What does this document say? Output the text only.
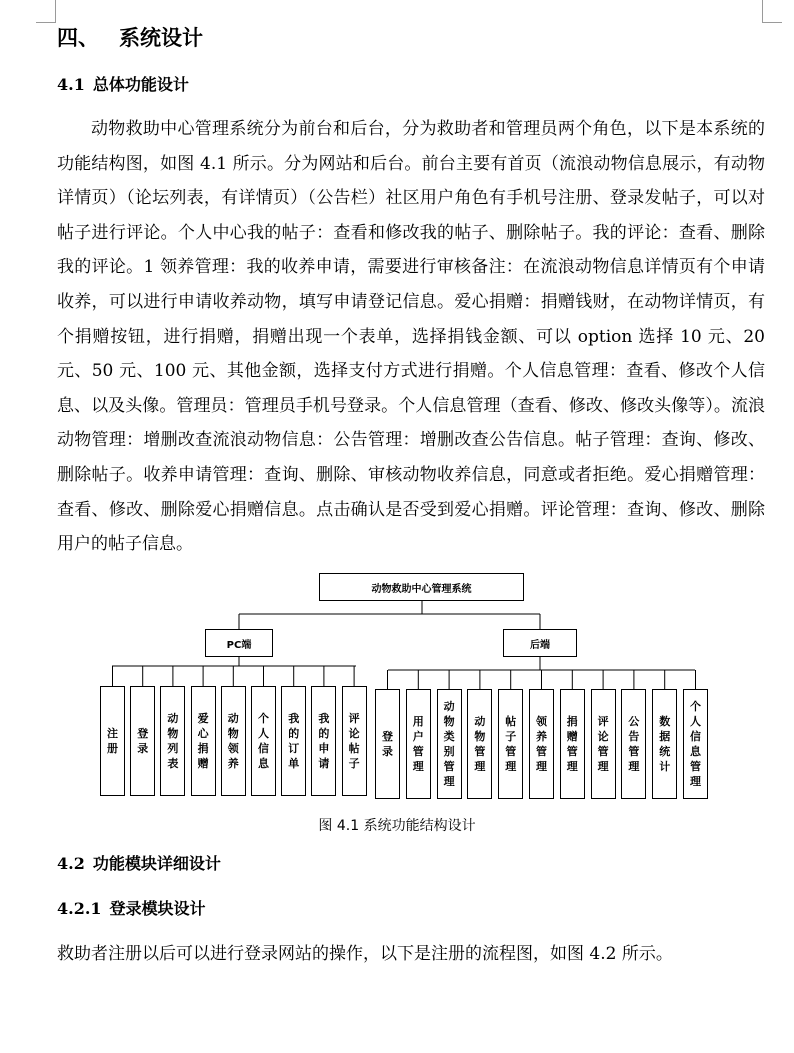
四、 系统设计
4.1 总体功能设计
动物救助中心管理系统分为前台和后台，分为救助者和管理员两个角色，以下是本系统的功能结构图，如图 4.1 所示。分为网站和后台。前台主要有首页（流浪动物信息展示，有动物详情页）（论坛列表，有详情页）（公告栏）社区用户角色有手机号注册、登录发帖子，可以对帖子进行评论。个人中心我的帖子：查看和修改我的帖子、删除帖子。我的评论：查看、删除我的评论。1 领养管理：我的收养申请，需要进行审核备注：在流浪动物信息详情页有个申请收养，可以进行申请收养动物，填写申请登记信息。爱心捐赠：捐赠钱财，在动物详情页，有个捐赠按钮，进行捐赠，捐赠出现一个表单，选择捐钱金额、可以 option 选择 10 元、20 元、50 元、100 元、其他金额，选择支付方式进行捐赠。个人信息管理：查看、修改个人信息、以及头像。管理员：管理员手机号登录。个人信息管理（查看、修改、修改头像等）。流浪动物管理：增删改查流浪动物信息：公告管理：增删改查公告信息。帖子管理：查询、修改、删除帖子。收养申请管理：查询、删除、审核动物收养信息，同意或者拒绝。爱心捐赠管理：查看、修改、删除爱心捐赠信息。点击确认是否受到爱心捐赠。评论管理：查询、修改、删除用户的帖子信息。
动物救助中心管理系统
PC端	后端
注册
登录
动物列表
爱心捐赠
动物领养
个人信息
我的订单
我的申请
评论帖子
登录
用户管理
动物类别管理
动物管理
帖子管理
领养管理
捐赠管理
评论管理
公告管理
数据统计
个人信息管理
图 4.1 系统功能结构设计
4.2 功能模块详细设计
4.2.1 登录模块设计
救助者注册以后可以进行登录网站的操作，以下是注册的流程图，如图 4.2 所示。
